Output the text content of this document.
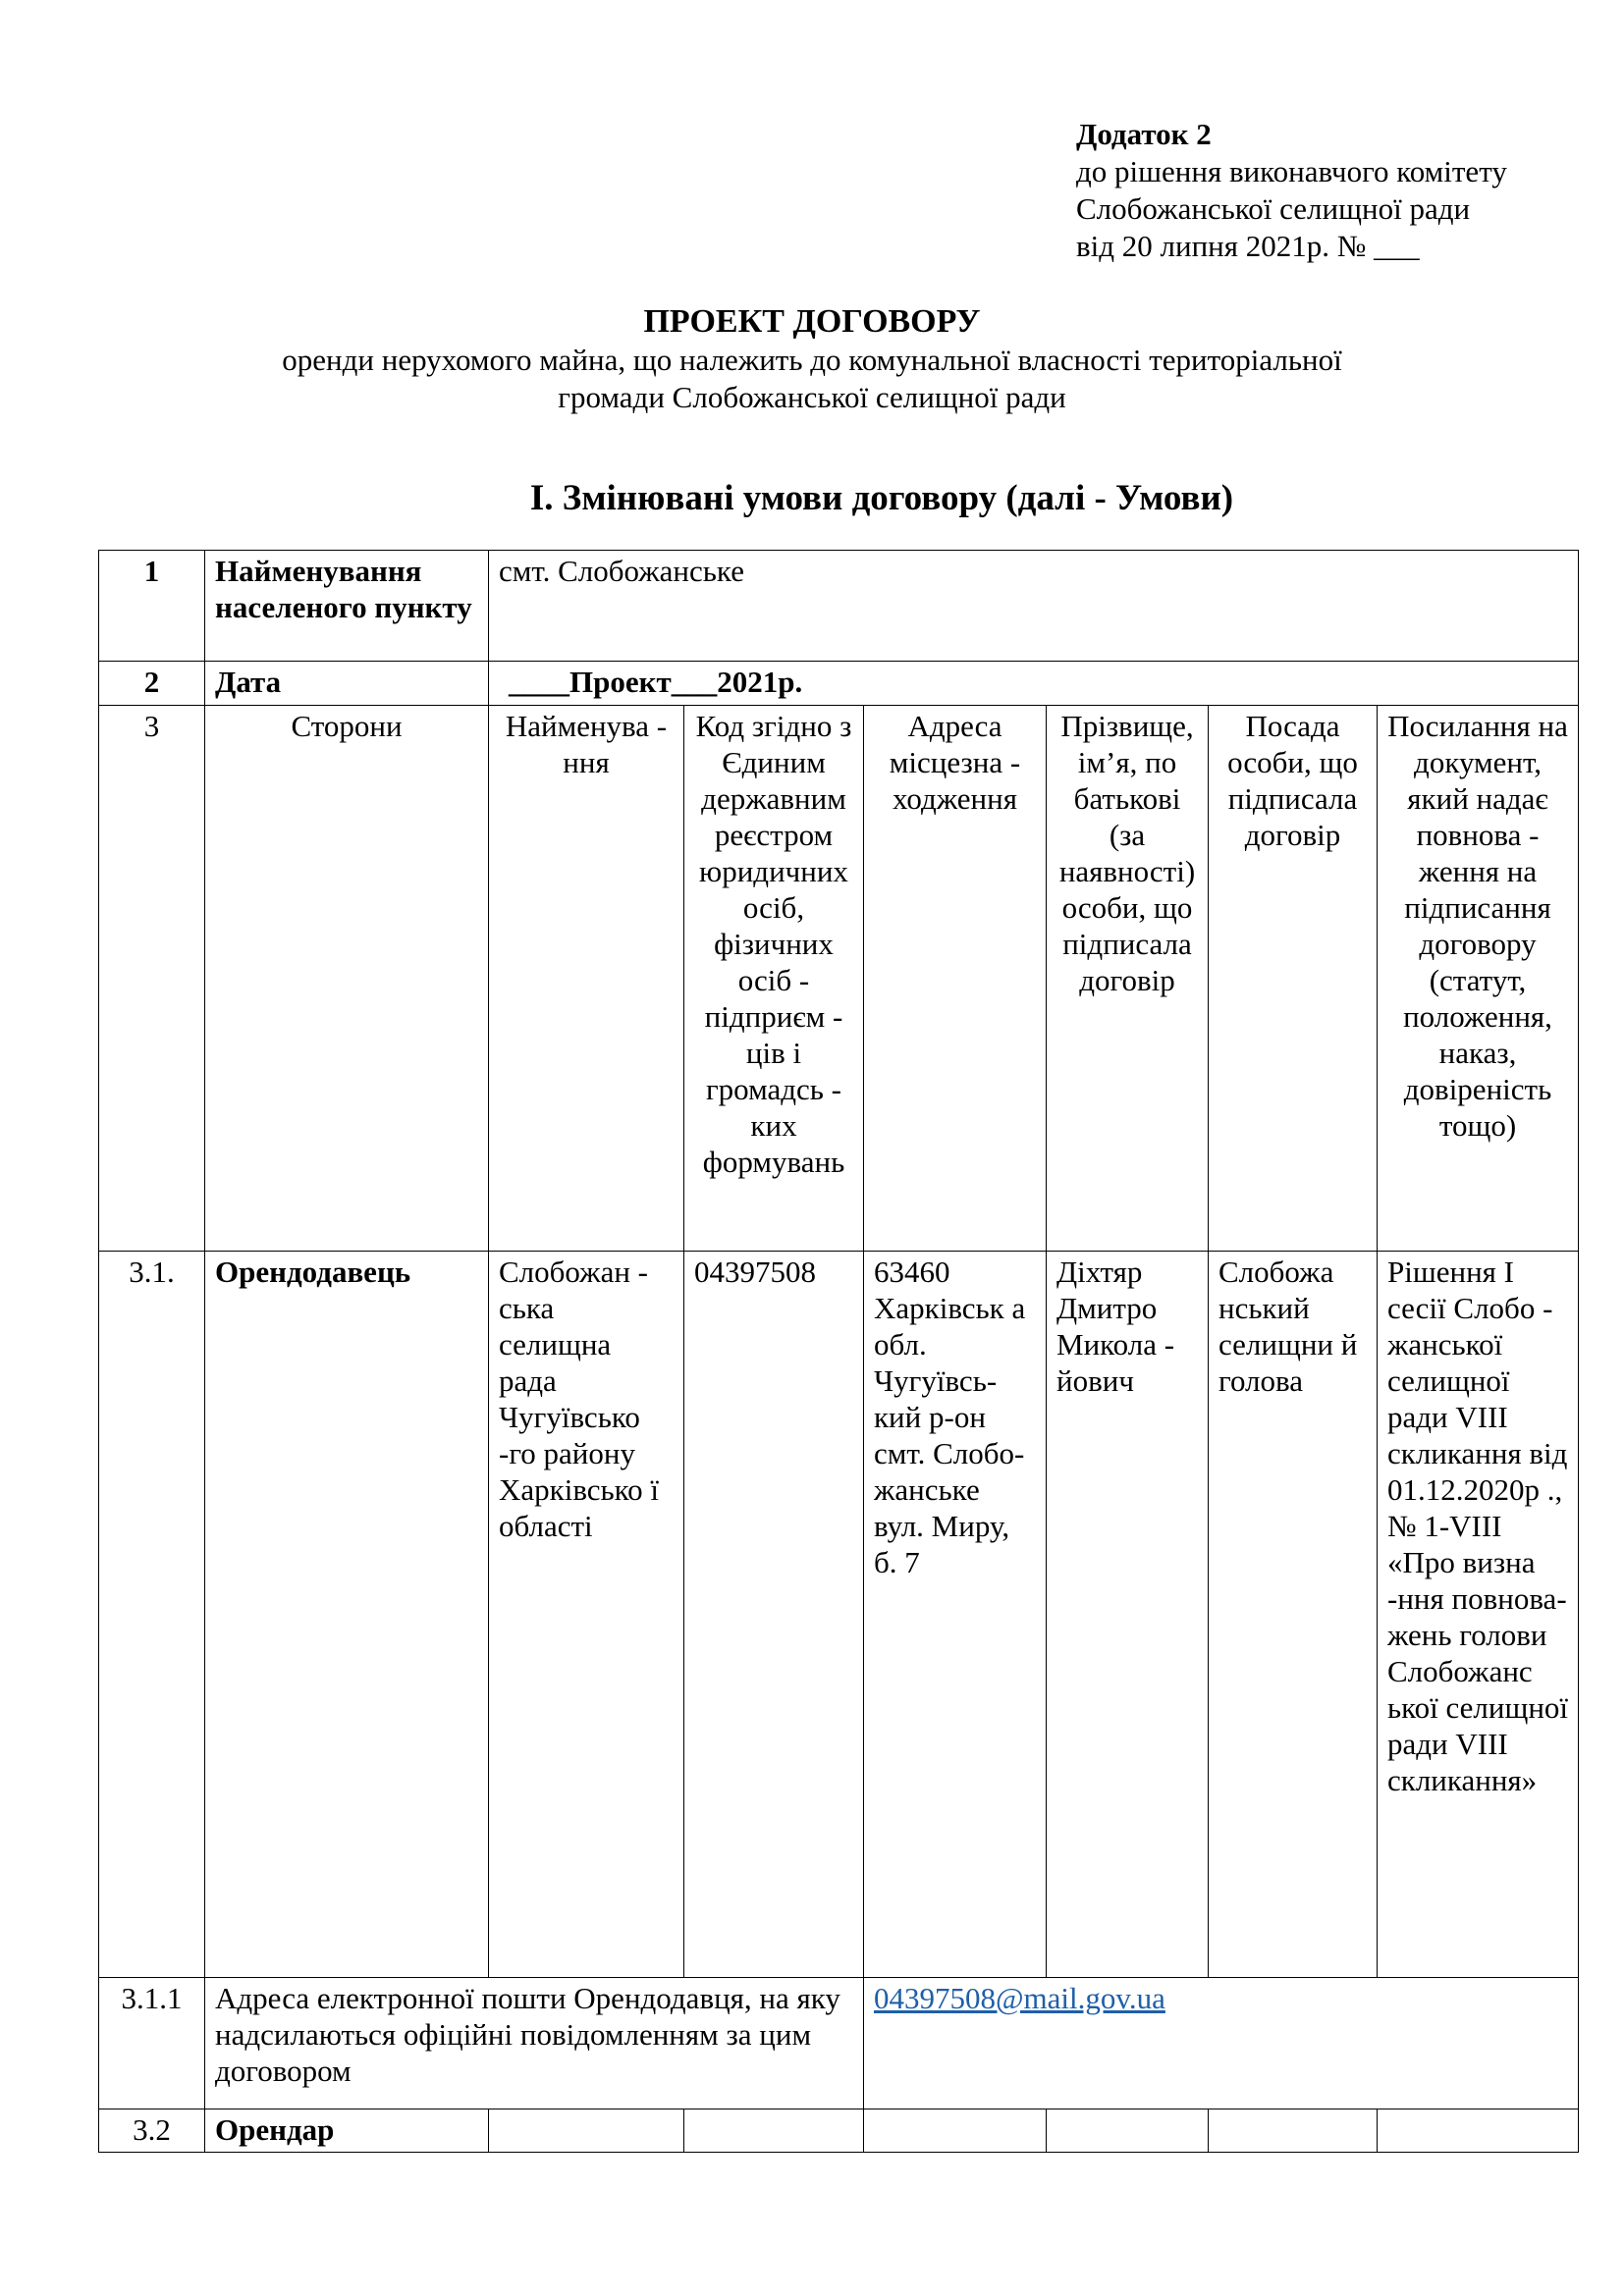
Додаток 2
до рішення виконавчого комітету
Слобожанської селищної ради
від 20 липня 2021р. № ___
ПРОЕКТ ДОГОВОРУ
оренди нерухомого майна, що належить до комунальної власності територіальної
громади Слобожанської селищної ради
І. Змінювані умови договору (далі - Умови)
1	Найменування населеного пункту	смт. Слобожанське					
2	Дата	____Проект___2021р.					
3	Сторони	Найменува - ння	Код згідно з Єдиним державним реєстром юридичних осіб, фізичних осіб - підприєм - ців і громадсь - ких формувань	Адреса місцезна - ходження	Прізвище, ім’я, по батькові (за наявності) особи, що підписала договір	Посада особи, що підписала договір	Посилання на документ, який надає повнова - ження на підписання договору (статут, положення, наказ, довіреність тощо)
3.1.	Орендодавець	Слобожан - ська селищна рада Чугуївсько -го району Харківсько ї області	04397508	63460 Харківськ а обл. Чугуївсь- кий р-он смт. Слобо- жанське вул. Миру, б. 7	Діхтяр Дмитро Микола - йович	Слобожа нський селищни й голова	Рішення І сесії Слобо - жанської селищної ради VIII скликання від 01.12.2020р ., № 1-VIII «Про визна -ння повнова- жень голови Слобожанс ької селищної ради VIII скликання»
3.1.1	Адреса електронної пошти Орендодавця, на яку надсилаються офіційні повідомленням за цим договором			04397508@mail.gov.ua			
3.2	Орендар						
